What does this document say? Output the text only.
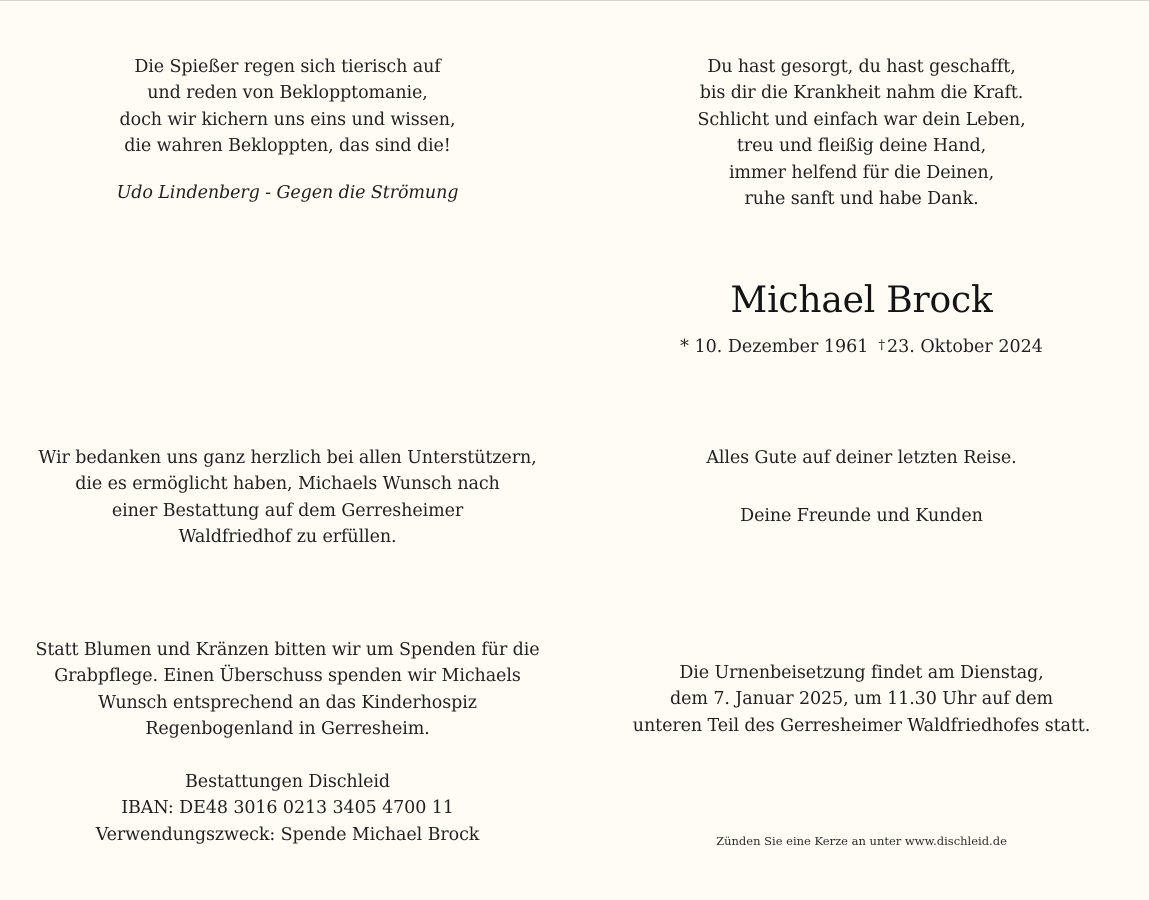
Die Spießer regen sich tierisch auf
und reden von Beklopptomanie,
doch wir kichern uns eins und wissen,
die wahren Bekloppten, das sind die!
Udo Lindenberg - Gegen die Strömung
Du hast gesorgt, du hast geschafft,
bis dir die Krankheit nahm die Kraft.
Schlicht und einfach war dein Leben,
treu und fleißig deine Hand,
immer helfend für die Deinen,
ruhe sanft und habe Dank.
Michael Brock
* 10. Dezember 1961 † 23. Oktober 2024
Wir bedanken uns ganz herzlich bei allen Unterstützern,
die es ermöglicht haben, Michaels Wunsch nach
einer Bestattung auf dem Gerresheimer
Waldfriedhof zu erfüllen.
Alles Gute auf deiner letzten Reise.
Deine Freunde und Kunden
Statt Blumen und Kränzen bitten wir um Spenden für die
Grabpflege. Einen Überschuss spenden wir Michaels
Wunsch entsprechend an das Kinderhospiz
Regenbogenland in Gerresheim.
Bestattungen Dischleid
IBAN: DE48 3016 0213 3405 4700 11
Verwendungszweck: Spende Michael Brock
Die Urnenbeisetzung findet am Dienstag,
dem 7. Januar 2025, um 11.30 Uhr auf dem
unteren Teil des Gerresheimer Waldfriedhofes statt.
Zünden Sie eine Kerze an unter www.dischleid.de
